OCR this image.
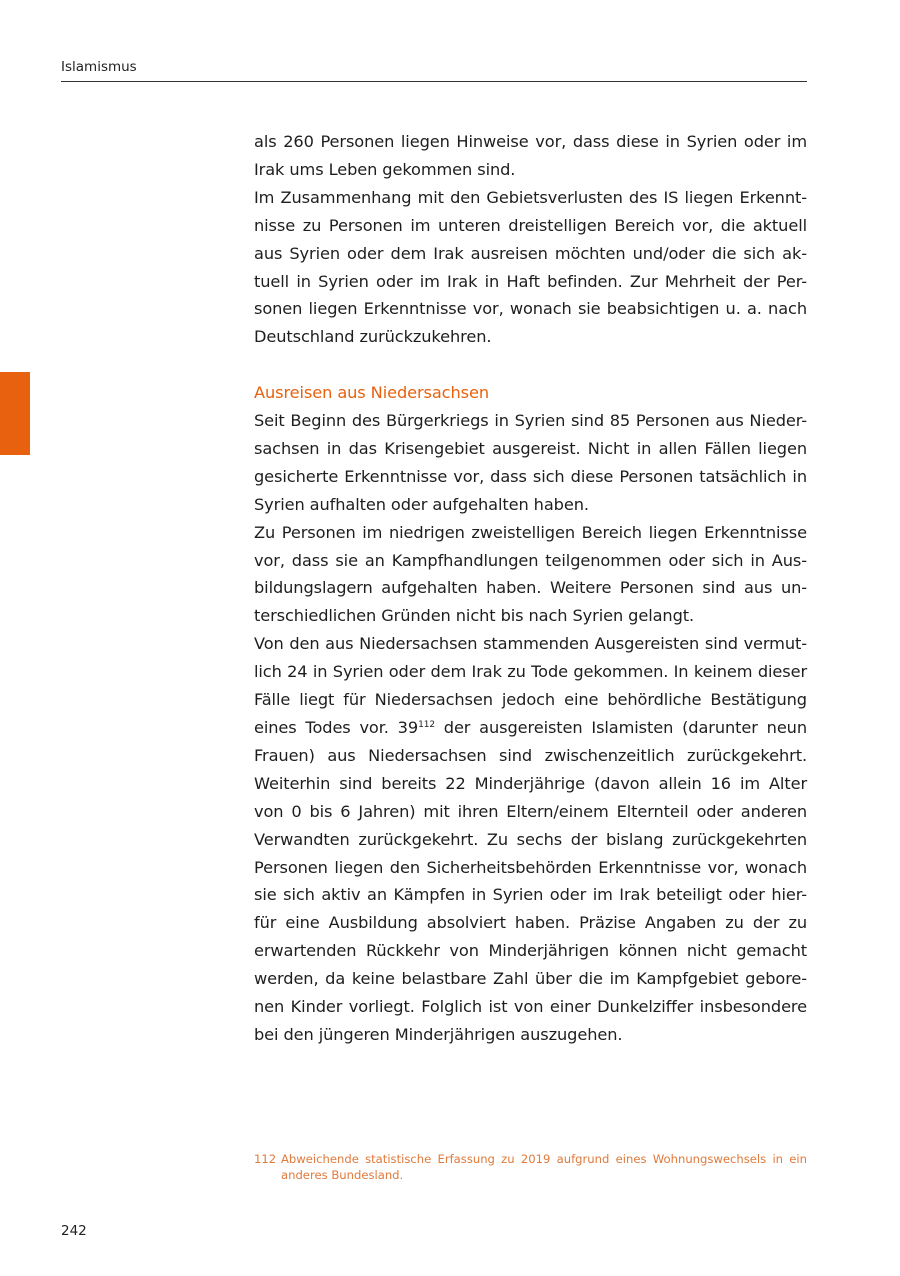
Islamismus
als 260 Personen liegen Hinweise vor, dass diese in Syrien oder im
Irak ums Leben gekommen sind.
Im Zusammenhang mit den Gebietsverlusten des IS liegen Erkennt-
nisse zu Personen im unteren dreistelligen Bereich vor, die aktuell
aus Syrien oder dem Irak ausreisen möchten und/oder die sich ak-
tuell in Syrien oder im Irak in Haft befinden. Zur Mehrheit der Per-
sonen liegen Erkenntnisse vor, wonach sie beabsichtigen u. a. nach
Deutschland zurückzukehren.
Ausreisen aus Niedersachsen
Seit Beginn des Bürgerkriegs in Syrien sind 85 Personen aus Nieder-
sachsen in das Krisengebiet ausgereist. Nicht in allen Fällen liegen
gesicherte Erkenntnisse vor, dass sich diese Personen tatsächlich in
Syrien aufhalten oder aufgehalten haben.
Zu Personen im niedrigen zweistelligen Bereich liegen Erkenntnisse
vor, dass sie an Kampfhandlungen teilgenommen oder sich in Aus-
bildungslagern aufgehalten haben. Weitere Personen sind aus un-
terschiedlichen Gründen nicht bis nach Syrien gelangt.
Von den aus Niedersachsen stammenden Ausgereisten sind vermut-
lich 24 in Syrien oder dem Irak zu Tode gekommen. In keinem dieser
Fälle liegt für Niedersachsen jedoch eine behördliche Bestätigung
eines Todes vor. $39^{112}$ der ausgereisten Islamisten (darunter neun
Frauen) aus Niedersachsen sind zwischenzeitlich zurückgekehrt.
Weiterhin sind bereits 22 Minderjährige (davon allein 16 im Alter
von 0 bis 6 Jahren) mit ihren Eltern/einem Elternteil oder anderen
Verwandten zurückgekehrt. Zu sechs der bislang zurückgekehrten
Personen liegen den Sicherheitsbehörden Erkenntnisse vor, wonach
sie sich aktiv an Kämpfen in Syrien oder im Irak beteiligt oder hier-
für eine Ausbildung absolviert haben. Präzise Angaben zu der zu
erwartenden Rückkehr von Minderjährigen können nicht gemacht
werden, da keine belastbare Zahl über die im Kampfgebiet gebore-
nen Kinder vorliegt. Folglich ist von einer Dunkelziffer insbesondere
bei den jüngeren Minderjährigen auszugehen.
112 Abweichende statistische Erfassung zu 2019 aufgrund eines Wohnungswechsels in ein
anderes Bundesland.
242
